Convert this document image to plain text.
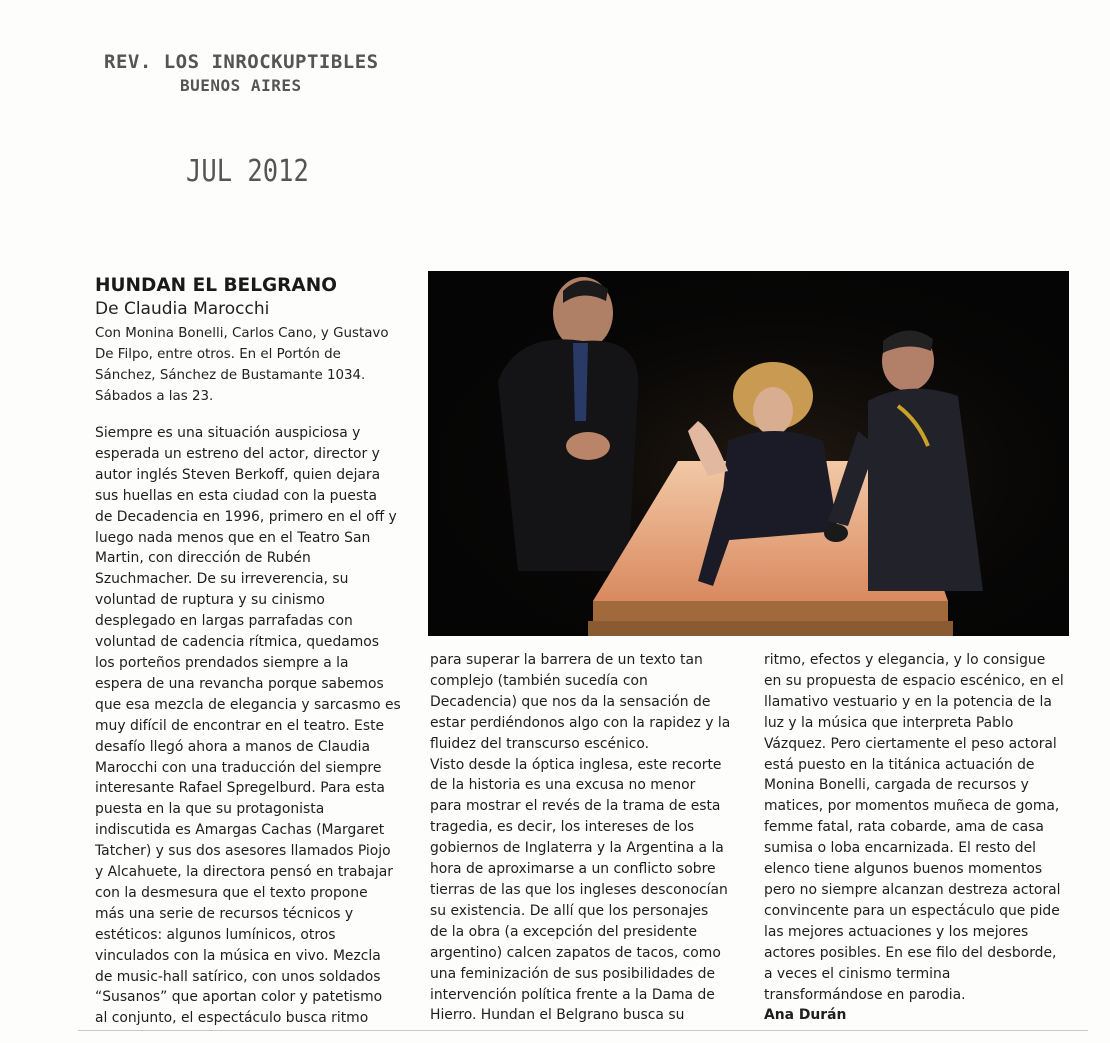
REV. LOS INROCKUPTIBLES
BUENOS AIRES
JUL 2012
HUNDAN EL BELGRANO

De Claudia Marocchi

Con Monina Bonelli, Carlos Cano, y Gustavo
De Filpo, entre otros. En el Portón de
Sánchez, Sánchez de Bustamante 1034.
Sábados a las 23.

Siempre es una situación auspiciosa y
esperada un estreno del actor, director y
autor inglés Steven Berkoff, quien dejara
sus huellas en esta ciudad con la puesta
de Decadencia en 1996, primero en el off y
luego nada menos que en el Teatro San
Martin, con dirección de Rubén
Szuchmacher. De su irreverencia, su
voluntad de ruptura y su cinismo
desplegado en largas parrafadas con
voluntad de cadencia rítmica, quedamos
los porteños prendados siempre a la
espera de una revancha porque sabemos
que esa mezcla de elegancia y sarcasmo es
muy difícil de encontrar en el teatro. Este
desafío llegó ahora a manos de Claudia
Marocchi con una traducción del siempre
interesante Rafael Spregelburd. Para esta
puesta en la que su protagonista
indiscutida es Amargas Cachas (Margaret
Tatcher) y sus dos asesores llamados Piojo
y Alcahuete, la directora pensó en trabajar
con la desmesura que el texto propone
más una serie de recursos técnicos y
estéticos: algunos lumínicos, otros
vinculados con la música en vivo. Mezcla
de music-hall satírico, con unos soldados
“Susanos” que aportan color y patetismo
al conjunto, el espectáculo busca ritmo
para superar la barrera de un texto tan
complejo (también sucedía con
Decadencia) que nos da la sensación de
estar perdiéndonos algo con la rapidez y la
fluidez del transcurso escénico.
Visto desde la óptica inglesa, este recorte
de la historia es una excusa no menor
para mostrar el revés de la trama de esta
tragedia, es decir, los intereses de los
gobiernos de Inglaterra y la Argentina a la
hora de aproximarse a un conflicto sobre
tierras de las que los ingleses desconocían
su existencia. De allí que los personajes
de la obra (a excepción del presidente
argentino) calcen zapatos de tacos, como
una feminización de sus posibilidades de
intervención política frente a la Dama de
Hierro. Hundan el Belgrano busca su
ritmo, efectos y elegancia, y lo consigue
en su propuesta de espacio escénico, en el
llamativo vestuario y en la potencia de la
luz y la música que interpreta Pablo
Vázquez. Pero ciertamente el peso actoral
está puesto en la titánica actuación de
Monina Bonelli, cargada de recursos y
matices, por momentos muñeca de goma,
femme fatal, rata cobarde, ama de casa
sumisa o loba encarnizada. El resto del
elenco tiene algunos buenos momentos
pero no siempre alcanzan destreza actoral
convincente para un espectáculo que pide
las mejores actuaciones y los mejores
actores posibles. En ese filo del desborde,
a veces el cinismo termina
transformándose en parodia.
Ana Durán
